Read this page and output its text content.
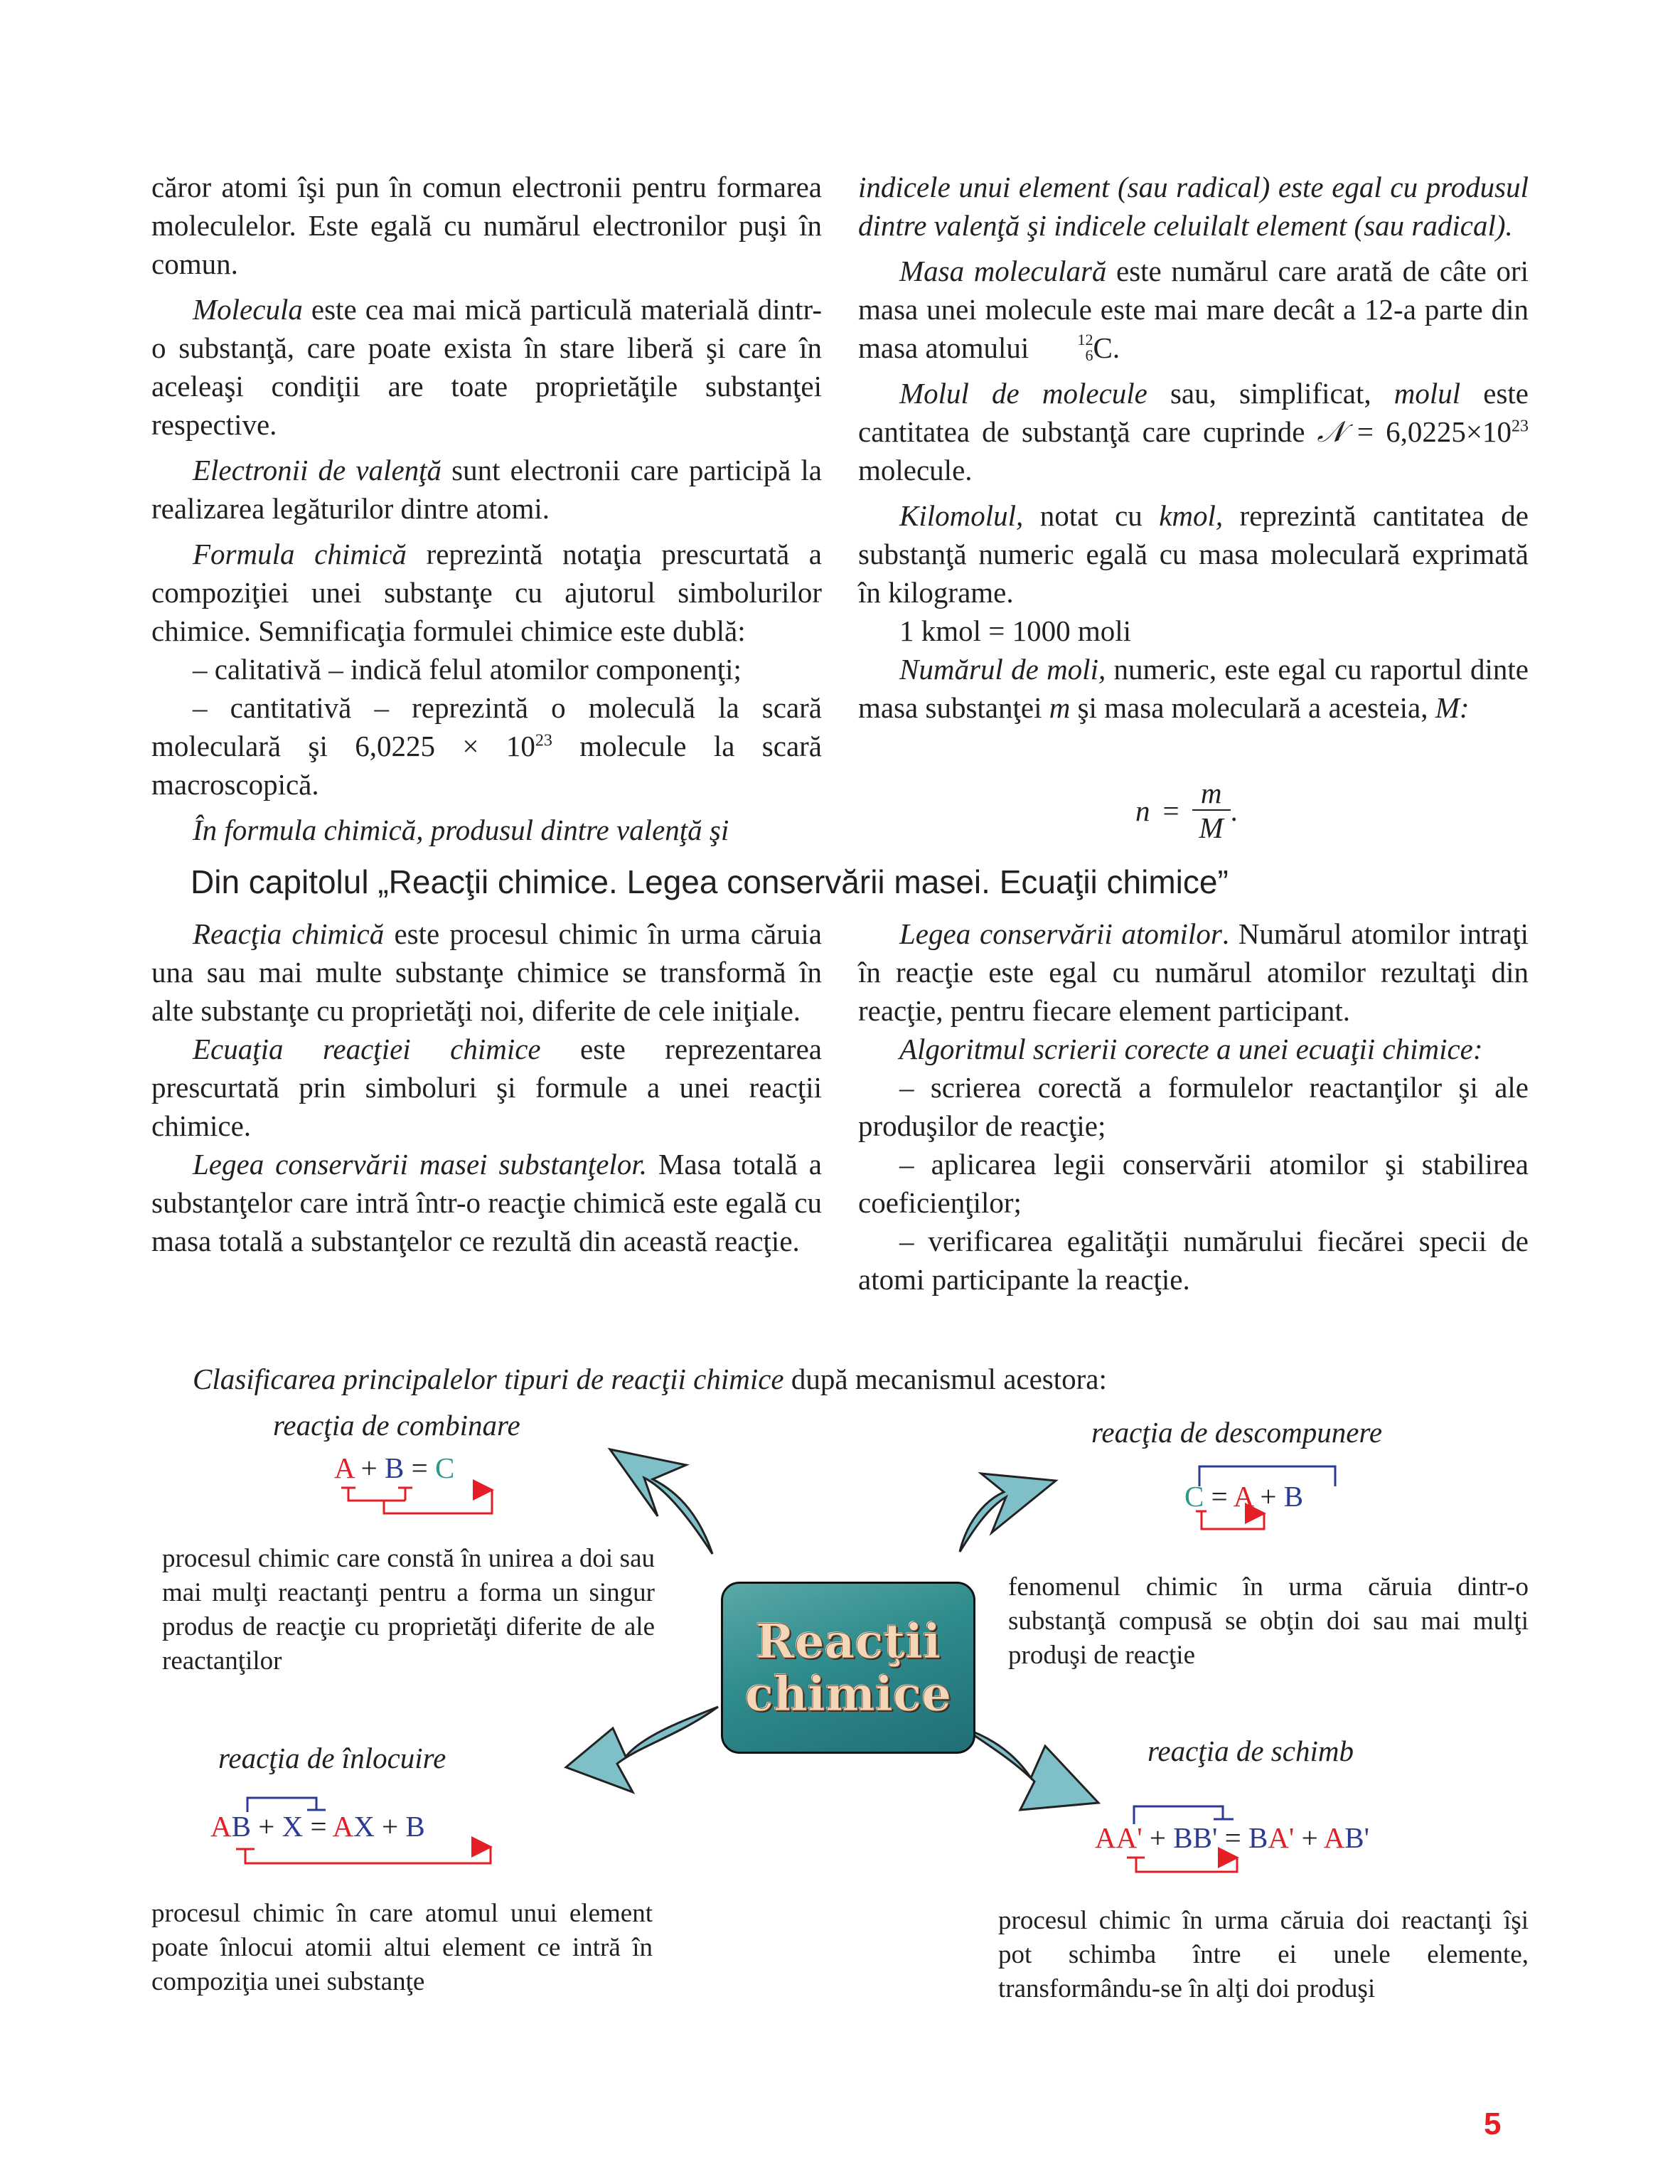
căror atomi îşi pun în comun electronii pentru formarea moleculelor. Este egală cu numărul electronilor puşi în comun.

Molecula este cea mai mică particulă materială dintr-o substanţă, care poate exista în stare liberă şi care în aceleaşi condiţii are toate proprietăţile substanţei respective.

Electronii de valenţă sunt electronii care participă la realizarea legăturilor dintre atomi.

Formula chimică reprezintă notaţia prescurtată a compoziţiei unei substanţe cu ajutorul simbolurilor chimice. Semnificaţia formulei chimice este dublă:

– calitativă – indică felul atomilor componenţi;

– cantitativă – reprezintă o moleculă la scară moleculară şi $6,0225 \times 10^{23}$ molecule la scară macroscopică.

În formula chimică, produsul dintre valenţă şi

indicele unui element (sau radical) este egal cu produsul dintre valenţă şi indicele celuilalt element (sau radical).

Masa moleculară este numărul care arată de câte ori masa unei molecule este mai mare decât a 12-a parte din masa atomului	12
6C.

Molul de molecule sau, simplificat, molul este cantitatea de substanţă care cuprinde 𝒩 = $6,0225\times 10^{23}$ molecule.

Kilomolul, notat cu kmol, reprezintă cantitatea de substanţă numeric egală cu masa moleculară exprimată în kilograme.

1 kmol = 1000 moli

Numărul de moli, numeric, este egal cu raportul dinte masa substanţei m şi masa moleculară a acesteia, M:

n =
m
M
.
Din capitolul „Reacţii chimice. Legea conservării masei. Ecuaţii chimice”

Reacţia chimică este procesul chimic în urma căruia una sau mai multe substanţe chimice se transformă în alte substanţe cu proprietăţi noi, diferite de cele iniţiale.

Ecuaţia reacţiei chimice este reprezentarea prescurtată prin simboluri şi formule a unei reacţii chimice.

Legea conservării masei substanţelor. Masa totală a substanţelor care intră într-o reacţie chimică este egală cu masa totală a substanţelor ce rezultă din această reacţie.

Legea conservării atomilor. Numărul atomilor intraţi în reacţie este egal cu numărul atomilor rezultaţi din reacţie, pentru fiecare element participant.

Algoritmul scrierii corecte a unei ecuaţii chimice:

– scrierea corectă a formulelor reactanţilor şi ale produşilor de reacţie;

– aplicarea legii conservării atomilor şi stabilirea coeficienţilor;

– verificarea egalităţii numărului fiecărei specii de atomi participante la reacţie.

Clasificarea principalelor tipuri de reacţii chimice după mecanismul acestora:
Reacţii
chimice
reacţia de combinare
A + B = C
procesul chimic care constă în unirea a doi sau mai mulţi reactanţi pentru a forma un singur produs de reacţie cu proprietăţi diferite de ale reactanţilor
reacţia de descompunere
C = A + B
fenomenul chimic în urma căruia dintr-o substanţă compusă se obţin doi sau mai mulţi produşi de reacţie
reacţia de înlocuire
AB + X = AX + B
procesul chimic în care atomul unui element poate înlocui atomii altui element ce intră în compoziţia unei substanţe
reacţia de schimb
AA' + BB' = BA' + AB'
procesul chimic în urma căruia doi reactanţi îşi pot schimba între ei unele elemente, transformându-se în alţi doi produşi
5
